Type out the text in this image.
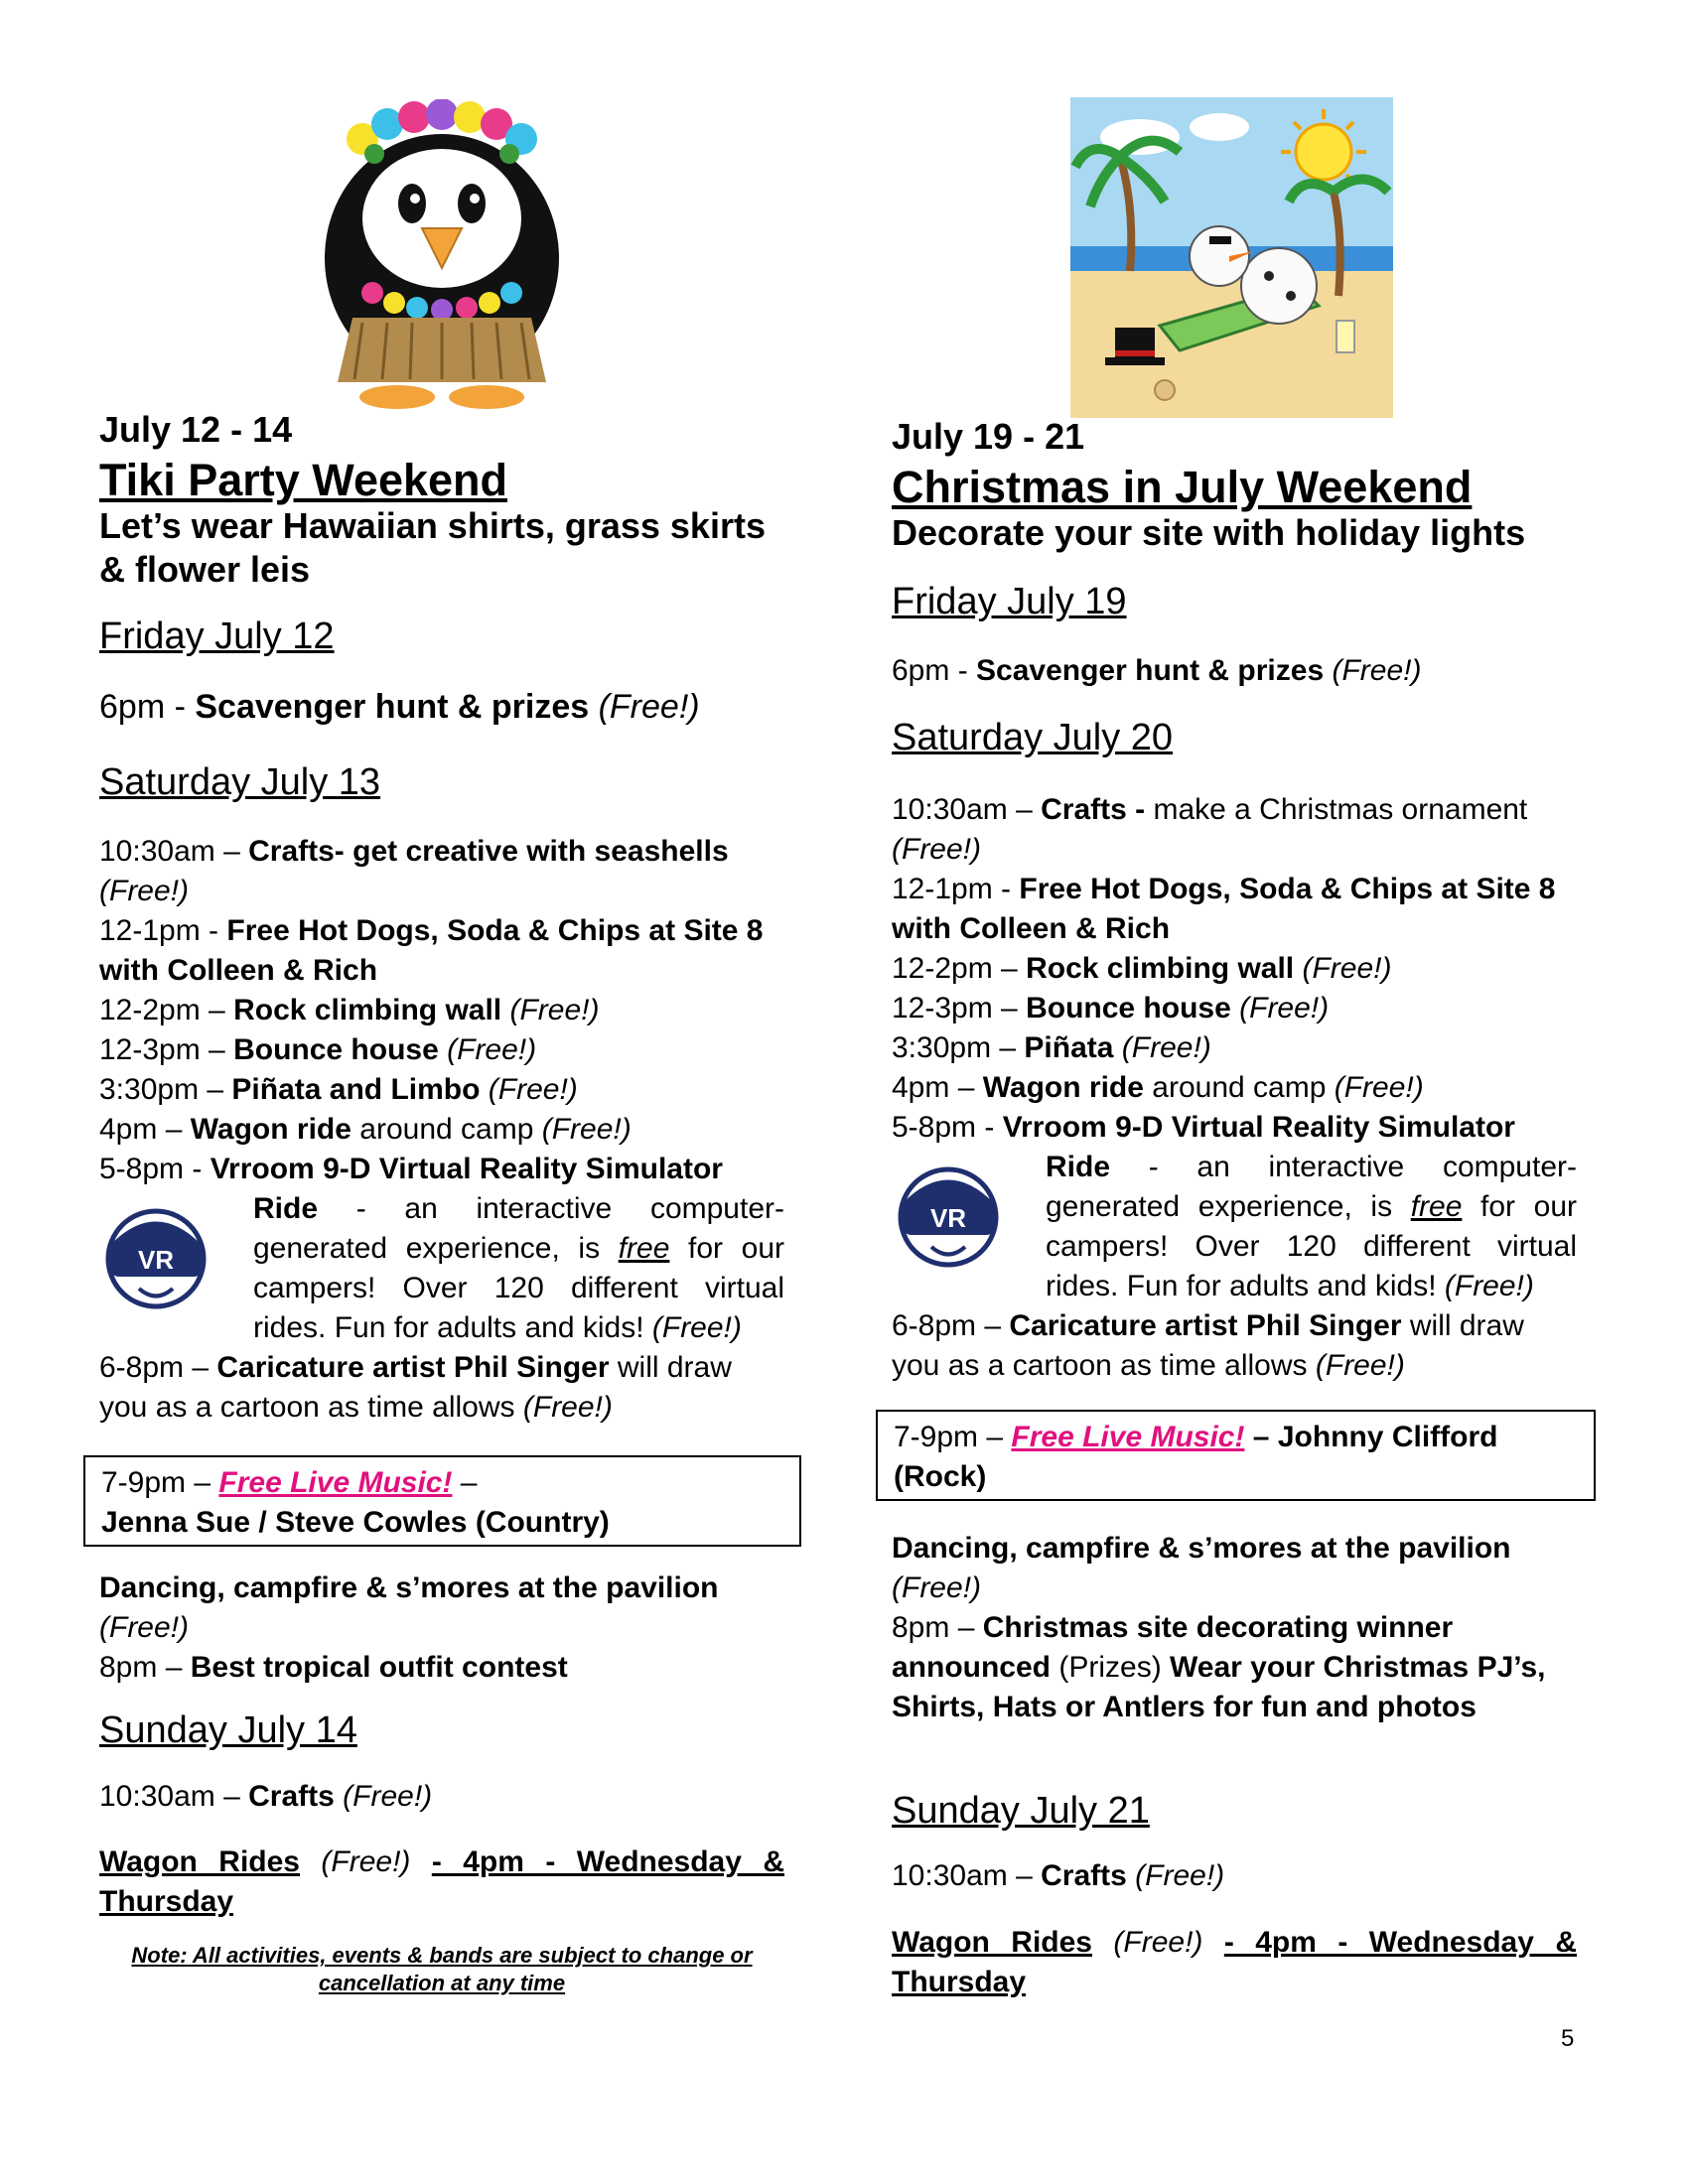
July 12 - 14
Tiki Party Weekend
Let’s wear Hawaiian shirts, grass skirts & flower leis
Friday July 12
6pm - Scavenger hunt & prizes (Free!)
Saturday July 13

10:30am – Crafts- get creative with seashells
(Free!)

12-1pm - Free Hot Dogs, Soda & Chips at Site 8 with Colleen & Rich

12-2pm – Rock climbing wall (Free!)

12-3pm – Bounce house (Free!)

3:30pm – Piñata and Limbo (Free!)

4pm – Wagon ride around camp (Free!)

5-8pm - Vrroom 9-D Virtual Reality Simulator

VR
Ride - an interactive computer-generated experience, is free for our campers! Over 120 different virtual rides. Fun for adults and kids! (Free!)

6-8pm – Caricature artist Phil Singer will draw you as a cartoon as time allows (Free!)

7-9pm – Free Live Music! –
Jenna Sue / Steve Cowles (Country)

Dancing, campfire & s’mores at the pavilion
(Free!)

8pm – Best tropical outfit contest

Sunday July 14
10:30am – Crafts (Free!)
Wagon Rides (Free!) - 4pm - Wednesday & Thursday
Note: All activities, events & bands are subject to change or cancellation at any time
July 19 - 21
Christmas in July Weekend
Decorate your site with holiday lights
Friday July 19
6pm - Scavenger hunt & prizes (Free!)
Saturday July 20

10:30am – Crafts - make a Christmas ornament (Free!)

12-1pm - Free Hot Dogs, Soda & Chips at Site 8 with Colleen & Rich

12-2pm – Rock climbing wall (Free!)

12-3pm – Bounce house (Free!)

3:30pm – Piñata (Free!)

4pm – Wagon ride around camp (Free!)

5-8pm - Vrroom 9-D Virtual Reality Simulator

VR
Ride - an interactive computer-generated experience, is free for our campers! Over 120 different virtual rides. Fun for adults and kids! (Free!)

6-8pm – Caricature artist Phil Singer will draw you as a cartoon as time allows (Free!)

7-9pm – Free Live Music! – Johnny Clifford (Rock)

Dancing, campfire & s’mores at the pavilion
(Free!)

8pm – Christmas site decorating winner announced (Prizes) Wear your Christmas PJ’s, Shirts, Hats or Antlers for fun and photos

Sunday July 21
10:30am – Crafts (Free!)
Wagon Rides (Free!) - 4pm - Wednesday & Thursday
5
